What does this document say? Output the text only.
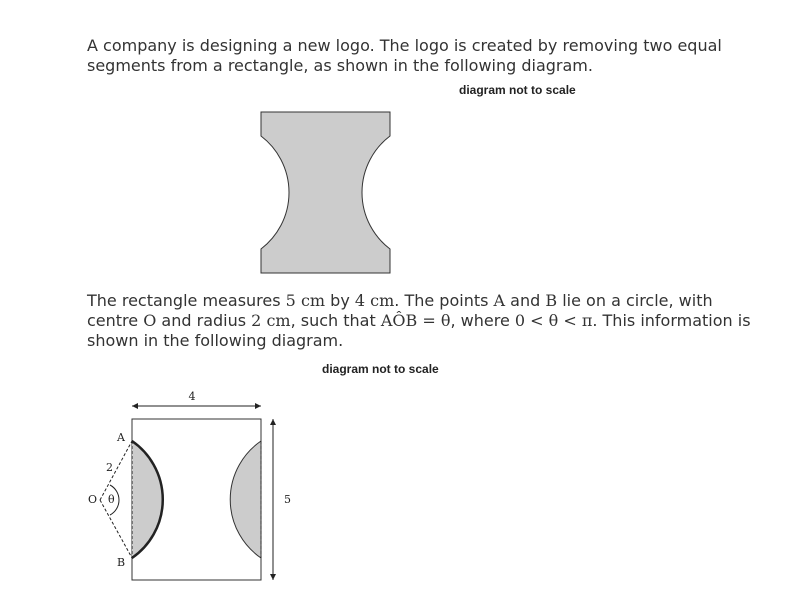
A company is designing a new logo. The logo is created by removing two equal segments from a rectangle, as shown in the following diagram.

diagram not to scale
4
5
2
θ
A
B
O

The rectangle measures 5 cm by 4 cm. The points A and B lie on a circle, with centre O and radius 2 cm, such that AÔB = θ, where 0 < θ < π. This information is shown in the following diagram.

diagram not to scale
